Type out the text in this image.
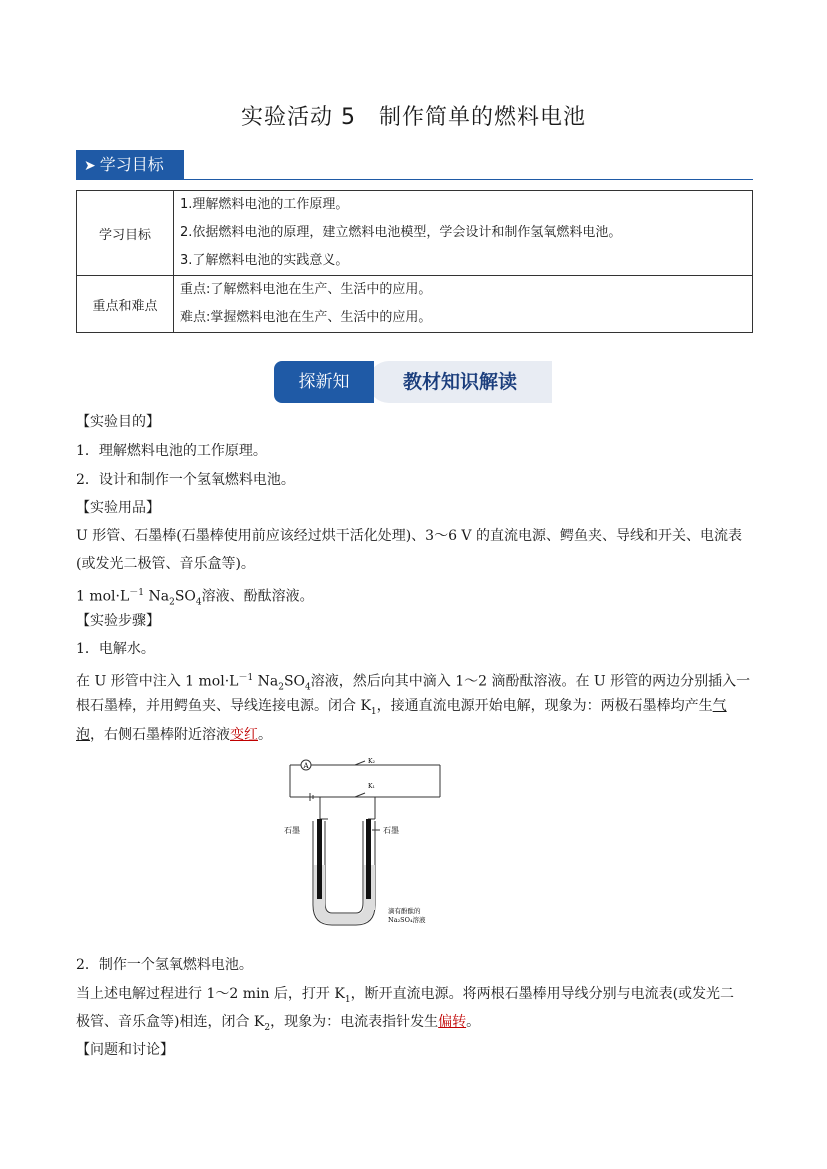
实验活动 5　制作简单的燃料电池
➤ 学习目标
学习目标	1.理解燃料电池的工作原理。
2.依据燃料电池的原理，建立燃料电池模型，学会设计和制作氢氧燃料电池。
3.了解燃料电池的实践意义。

重点和难点	重点:了解燃料电池在生产、生活中的应用。
难点:掌握燃料电池在生产、生活中的应用。
教材知识解读
探新知
【实验目的】
1．理解燃料电池的工作原理。
2．设计和制作一个氢氧燃料电池。
【实验用品】
U 形管、石墨棒(石墨棒使用前应该经过烘干活化处理)、3～6 V 的直流电源、鳄鱼夹、导线和开关、电流表
(或发光二极管、音乐盒等)。
1 $mol\cdot L^{-1}$ $Na_2SO_4$溶液、酚酞溶液。
【实验步骤】
1．电解水。
在 U 形管中注入 1 $mol\cdot L^{-1}$ $Na_2SO_4$溶液，然后向其中滴入 1～2 滴酚酞溶液。在 U 形管的两边分别插入一
根石墨棒，并用鳄鱼夹、导线连接电源。闭合 $K_1$，接通直流电源开始电解，现象为：两极石墨棒均产生气
泡，右侧石墨棒附近溶液变红。
A
K₂
K₁
石墨	石墨
滴有酚酞的
Na₂SO₄溶液
2．制作一个氢氧燃料电池。
当上述电解过程进行 1～2 min 后，打开 $K_1$，断开直流电源。将两根石墨棒用导线分别与电流表(或发光二
极管、音乐盒等)相连，闭合 $K_2$，现象为：电流表指针发生偏转。
【问题和讨论】
